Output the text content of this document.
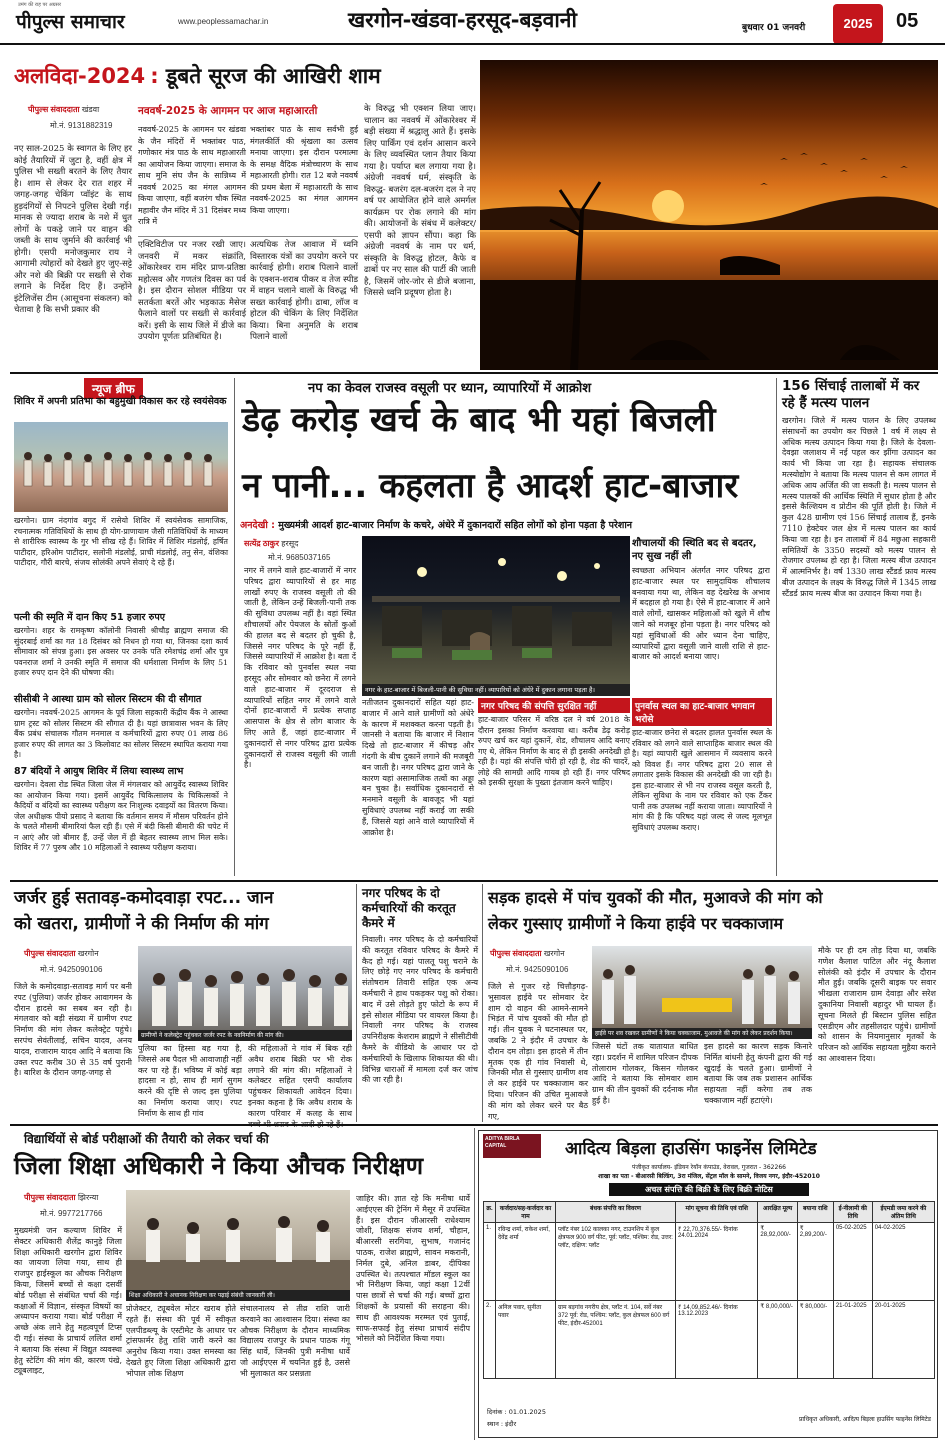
उमंग की राह पर अग्रसर
पीपुल्स समाचार	www.peoplessamachar.in	खरगोन-खंडवा-हरसूद-बड़वानी	बुधवार 01 जनवरी	2025	05
अलविदा-2024 : डूबते सूरज की आखिरी शाम
पीपुल्स संवाददाता खंडवा
मो.नं. 9131882319
नए साल-2025 के स्वागत के लिए हर कोई तैयारियों में जुटा है, वहीं क्षेत्र में पुलिस भी सख्ती बरतने के लिए तैयार है। शाम से लेकर देर रात शहर में जगह-जगह चेकिंग प्वॉइंट के साथ हुड़दंगियों से निपटने पुलिस देखी गई। मानक से ज्यादा शराब के नशे में धुत लोगों के पकड़े जाने पर वाहन की जब्ती के साथ जुर्माने की कार्रवाई भी होगी। एसपी मनोजकुमार राय ने आगामी त्योहारों को देखते हुए जुए-सट्टे और नशे की बिक्री पर सख्ती से रोक लगाने के निर्देश दिए हैं। उन्होंने इंटेलिजेंस टीम (आसूचना संकलन) को चेतावा है कि सभी प्रकार की
नववर्ष-2025 के आगमन पर आज महाआरती
नववर्ष-2025 के आगमन पर खंडवा के जैन मंदिरों में भक्तांबर पाठ, गणोकार मंत्र पाठ के साथ महाआरती का आयोजन किया जाएगा। समाज के साथ मुनि संघ जैन के सान्निध्य में नववर्ष 2025 का मंगल आगमन किया जाएगा, वहीं बजरंग चौक स्थित महावीर जैन मंदिर में 31 दिसंबर मध्य रात्रि में
भक्तांबर पाठ के साथ सर्वभी हुई मंगलकीर्ति की श्रृंखला का उत्सव मनाया जाएगा। इस दौरान परमात्मा के समक्ष वैदिक मंत्रोच्चारण के साथ महाआरती होगी। रात 12 बजे नववर्ष की प्रथम बेला में महाआरती के साथ नववर्ष-2025 का मंगल आगमन किया जाएगा।
एक्टिविटीज पर नजर रखी जाए। जनवरी में मकर संक्रांति, ओंकारेश्वर राम मंदिर प्राण-प्रतिष्ठा महोत्सव और गणतंत्र दिवस का पर्व है। इस दौरान सोशल मीडिया पर सतर्कता बरतें और भड़काऊ मैसेज फैलाने वालों पर सख्ती से कार्रवाई करें। इसी के साथ जिले में डीजे का उपयोग पूर्णतः प्रतिबंधित है।
अत्यधिक तेज आवाज में ध्वनि विस्तारक यंत्रों का उपयोग करने पर कार्रवाई होगी। शराब पिलाने वालों के एक्शन-शराब पीकर व तेज स्पीड में वाहन चलाने वालों के विरुद्ध भी सख्त कार्रवाई होगी। ढाबा, लॉज व होटल की चेकिंग के लिए निर्देशित किया। बिना अनुमति के शराब पिलाने वालों
के विरुद्ध भी एक्शन लिया जाए। चालान का नववर्ष में ओंकारेश्वर में बड़ी संख्या में श्रद्धालु आते हैं। इसके लिए पार्किंग एवं दर्शन आसान करने के लिए व्यवस्थित प्लान तैयार किया गया है। पर्याप्त बल लगाया गया है। अंग्रेजी नववर्ष धर्म, संस्कृति के विरुद्ध- बजरंग दल-बजरंग दल ने नए वर्ष पर आयोजित होने वाले अमर्गल कार्यक्रम पर रोक लगाने की मांग की। आयोजनों के संबंध में कलेक्टर/एसपी को ज्ञापन सौंपा। कहा कि अंग्रेजी नववर्ष के नाम पर धर्म, संस्कृति के विरुद्ध होटल, कैफे व ढाबों पर नए साल की पार्टी की जाती है, जिसमें जोर-जोर से डीजे बजाना, जिससे ध्वनि प्रदूषण होता है।
न्यूज ब्रीफ
शिविर में अपनी प्रतिभा का बहुमुखी विकास कर रहे स्वयंसेवक
खरगोन। ग्राम नंदगांव बगुद में रासेयो शिविर में स्वयंसेवक सामाजिक, रचनात्मक गतिविधियों के साथ ही योग-प्राणायाम जैसी गतिविधियों के माध्यम से शारीरिक स्वास्थ्य के गुर भी सीख रहे हैं। शिविर में शिशिर मंडलोई, हर्षित पाटीदार, हरिओम पाटीदार, सलोनी मंडलोई, प्राची मंडलोई, तनु सेन, वंशिका पाटीदार, गौरी बारचे, संजय सोलंकी अपने सेवाएं दे रहे हैं।
पत्नी की स्मृति में दान किए 51 हजार रुपए
खरगोन। शहर के रामकृष्ण कॉलोनी निवासी श्रीचौड़ ब्राह्मण समाज की सुंदरबाई शर्मा का गत 18 दिसंबर को निधन हो गया था, जिनका दशा कार्य सीमावार को संपन्न हुआ। इस अवसर पर उनके पति रमेशचंद्र शर्मा और पुत्र पवनराज शर्मा ने उनकी स्मृति में समाज की धर्मशाला निर्माण के लिए 51 हजार रुपए दान देने की घोषणा की।
सीसीबी ने आस्था ग्राम को सोलर सिस्टम की दी सौगात
खरगोन। नववर्ष-2025 आगमन के पूर्व जिला सहकारी केंद्रीय बैंक ने आस्था ग्राम ट्रस्ट को सोलर सिस्टम की सौगात दी है। यहां छात्रावास भवन के लिए बैंक प्रबंध संचालक गौतम मनमाल व कर्मचारियों द्वारा रुपए 01 लाख 86 हजार रुपए की लागत का 3 किलोवाट का सोलर सिस्टम स्थापित कराया गया है।
87 बंदियों ने आयुष शिविर में लिया स्वास्थ्य लाभ
खरगोन। देवला रोड स्थित जिला जेल में मंगलवार को आयुर्वेद स्वास्थ्य शिविर का आयोजन किया गया। इसमें आयुर्वेद चिकित्सालय के चिकित्सकों ने कैदियों व बंदियों का स्वास्थ्य परीक्षण कर निःशुल्क दवाइयों का वितरण किया। जेल अधीक्षक पीयो प्रसाद ने बताया कि वर्तमान समय में मौसम परिवर्तन होने के चलते मौसमी बीमारियां फैल रही हैं। एसे में बंदी किसी बीमारी की चपेट में न आएं और जो बीमार हैं, उन्हें जेल में ही बेहतर स्वास्थ्य लाभ मिल सके। शिविर में 77 पुरुष और 10 महिलाओं ने स्वास्थ्य परीक्षण कराया।
नप का केवल राजस्व वसूली पर ध्यान, व्यापारियों में आक्रोश
डेढ़ करोड़ खर्च के बाद भी यहां बिजली
न पानी... कहलता है आदर्श हाट-बाजार
अनदेखी : मुख्यमंत्री आदर्श हाट-बाजार निर्माण के कचरे, अंधेरे में दुकानदारों सहित लोगों को होना पड़ता है परेशान
सत्येंद्र ठाकुर हरसूद
मो.नं. 9685037165
नगर के हाट-बाजार में बिजली-पानी की सुविधा नहीं। व्यापारियों को अंधेरे में दुकान लगाना पड़ता है।
नगर में लगने वाले हाट-बाजारों में नगर परिषद द्वारा व्यापारियों से हर माह लाखों रुपए के राजस्व वसूली तो की जाती है, लेकिन उन्हें बिजली-पानी तक की सुविधा उपलब्ध नहीं है। वहां स्थित शौचालयों और पेयजल के स्रोतों कुओं की हालत बद से बदतर हो चुकी है, जिससे नगर परिषद के पूरे नहीं हैं, जिससे व्यापारियों में आक्रोश है। बता दें कि रविवार को पुनर्वास स्थल नया हरसूद और सोमवार को छनेरा में लगने वाले हाट-बाजार में दूरदराज से व्यापारियों सहित नगर में लगने वाले दोनों हाट-बाजारों में प्रत्येक सप्ताह आसपास के क्षेत्र से लोग बाजार के लिए आते हैं, जहां हाट-बाजार में दुकानदारों से नगर परिषद द्वारा प्रत्येक दुकानदारों से राजस्व वसूली की जाती है।
नतीजतन दुकानदारों सहित यहां हाट-बाजार में आने वाले ग्रामीणों को अंधेरे के कारण में मशक्कत करना पड़ती है। जानसी ने बताया कि बाजार में निशान दिखे तो हाट-बाजार में कीचड़ और गंदगी के बीच दुकानें लगाने की मजबूरी बन जाती है। नगर परिषद द्वारा जाने के कारण यहां असामाजिक तत्वों का अड्डा बन चुका है। सर्वाधिक दुकानदारों से मनमाने वसूली के बावजूद भी यहां सुविधाएं उपलब्ध नहीं कराई जा सकी हैं, जिससे यहां आने वाले व्यापारियों में आक्रोश है।
शौचालयों की स्थिति बद से बदतर, नए सुख नहीं ली
स्वच्छता अभियान अंतर्गत नगर परिषद द्वारा हाट-बाजार स्थल पर सामुदायिक शौचालय बनवाया गया था, लेकिन वह देखरेख के अभाव में बदहाल हो गया है। ऐसे में हाट-बाजार में आने वाले लोगों, खासकर महिलाओं को खुले में शौच जाने को मजबूर होना पड़ता है। नगर परिषद को यहां सुविधाओं की ओर ध्यान देना चाहिए, व्यापारियों द्वारा वसूली जाने वाली राशि से हाट-बाजार को आदर्श बनाया जाए।
नगर परिषद की संपत्ति सुरक्षित नहीं
हाट-बाजार परिसर में वरिष्ठ दल ने वर्ष 2018 के दौरान इसका निर्माण करवाया था। करीब डेढ़ करोड़ रुपए खर्च कर यहां दुकानें, शेड, शौचालय आदि बनाए गए थे, लेकिन निर्माण के बाद से ही इसकी अनदेखी हो रही है। यहां की संपत्ति चोरी हो रही है, शेड की चादरें, लोहे की सामग्री आदि गायब हो रही हैं। नगर परिषद को इसकी सुरक्षा के पुख्ता इंतजाम करने चाहिए।
पुनर्वास स्थल का हाट-बाजार भगवान भरोसे
हाट-बाजार छनेरा से बदतर हालत पुनर्वास स्थल के रविवार को लगने वाले साप्ताहिक बाजार स्थल की है। यहां व्यापारी खुले आसमान में व्यवसाय करने को विवश हैं। नगर परिषद द्वारा 20 साल से लगातार इसके विकास की अनदेखी की जा रही है। इस हाट-बाजार से भी नप राजस्व वसूल करती है, लेकिन सुविधा के नाम पर रविवार को एक टैंकर पानी तक उपलब्ध नहीं कराया जाता। व्यापारियों ने मांग की है कि परिषद यहां जल्द से जल्द मूलभूत सुविधाएं उपलब्ध कराए।
156 सिंचाई तालाबों में कर रहे हैं मत्स्य पालन
खरगोन। जिले में मत्स्य पालन के लिए उपलब्ध संसाधनों का उपयोग कर पिछले 1 वर्ष में लक्ष्य से अधिक मत्स्य उत्पादन किया गया है। जिले के देवला-देवझा जलाशय में नई पहल कर झींगा उत्पादन का कार्य भी किया जा रहा है। सहायक संचालक मत्स्योद्योग ने बताया कि मत्स्य पालन से कम लागत में अधिक आय अर्जित की जा सकती है। मत्स्य पालन से मत्स्य पालकों की आर्थिक स्थिति में सुधार होता है और इससे कैल्शियम व प्रोटीन की पूर्ति होती है। जिले में कुल 428 ग्रामीण एवं 156 सिंचाई तालाब हैं, इनके 7110 हेक्टेयर जल क्षेत्र में मत्स्य पालन का कार्य किया जा रहा है। इन तालाबों में 84 मछुआ सहकारी समितियों के 3350 सदस्यों को मत्स्य पालन से रोजगार उपलब्ध हो रहा है। जिला मत्स्य बीज उत्पादन में आत्मनिर्भर है। वर्ष 1330 लाख स्टैंडर्ड फ्राय मत्स्य बीज उत्पादन के लक्ष्य के विरुद्ध जिले में 1345 लाख स्टैंडर्ड फ्राय मत्स्य बीज का उत्पादन किया गया है।
जर्जर हुई सतावड़-कमोदवाड़ा रपट... जान
को खतरा, ग्रामीणों ने की निर्माण की मांग
पीपुल्स संवाददाता खरगोन
मो.नं. 9425090106
ग्रामीणों ने कलेक्ट्रेट पहुंचकर जर्जर रपट के नवनिर्माण की मांग की।
जिले के कमोदवाड़ा-सतावड़ मार्ग पर बनी रपट (पुलिया) जर्जर होकर आवागमन के दौरान हादसे का सबब बन रही है। मंगलवार को बड़ी संख्या में ग्रामीण रपट निर्माण की मांग लेकर कलेक्ट्रेट पहुंचे। सरपंच सेवंतीलाई, सचिन यादव, अनय यादव, राजाराम यादव आदि ने बताया कि उक्त रपट करीब 30 से 35 वर्ष पुरानी है। बारिश के दौरान जगह-जगह से
पुलिया का हिस्सा बह गया है, जिससे अब पैदल भी आवाजाही नहीं कर पा रहे हैं। भविष्य में कोई बड़ा हादसा न हो, साथ ही मार्ग सुगम करने की दृष्टि से जल्द इस पुलिया का निर्माण कराया जाए। रपट निर्माण के साथ ही गांव
की महिलाओं ने गांव में बिक रही अवैध शराब बिक्री पर भी रोक लगाने की मांग की। महिलाओं ने कलेक्टर सहित एसपी कार्यालय पहुंचकर शिकायती आवेदन दिया। इनका कहना है कि अवैध शराब के कारण परिवार में कलह के साथ
नगर परिषद के दो कर्मचारियों की करतूत कैमरे में
निवाली। नगर परिषद के दो कर्मचारियों की करतूत रविवार परिषद के कैमरे में कैद हो गई। यहां पालतू पशु चराने के लिए छोड़े गए नगर परिषद के कर्मचारी संतोषराम तिवारी सहित एक अन्य कर्मचारी ने हाथ पकड़कर पशु को रोका। बाद में उसे तोड़ते हुए फोटो के रूप में इसे सोशल मीडिया पर वायरल किया है। निवाली नगर परिषद के राजस्व उपनिरीक्षक केशराम ब्राह्मणे ने सीसीटीवी कैमरे के वीडियो के आधार पर दो कर्मचारियों के खिलाफ शिकायत की थी। विभिन्न धाराओं में मामला दर्ज कर जांच की जा रही है।
सड़क हादसे में पांच युवकों की मौत, मुआवजे की मांग को
लेकर गुस्साए ग्रामीणों ने किया हाईवे पर चक्काजाम
पीपुल्स संवाददाता खरगोन
मो.नं. 9425090106
हाईवे पर शव रखकर ग्रामीणों ने किया चक्काजाम, मुआवजे की मांग को लेकर प्रदर्शन किया।
जिले से गुजर रहे चित्तौड़गढ़-भुसावल हाईवे पर सोमवार देर शाम दो वाहन की आमने-सामने भिड़ंत में पांच युवकों की मौत हो गई। तीन युवक ने घटनास्थल पर, जबकि 2 ने इंदौर में उपचार के दौरान दम तोड़ा। इस हादसे में तीन मृतक एक ही गांव निवासी थे, जिनकी मौत से गुस्साए ग्रामीण शव ले कर हाईवे पर चक्काजाम कर दिया। परिजन की उचित मुआवजे की मांग को लेकर धरने पर बैठ गए,
जिससे घंटों तक यातायात बाधित रहा। प्रदर्शन में शामिल परिजन दीपक तोलाराम गोलकर, किसन गोलकर आदि ने बताया कि सोमवार शाम ग्राम की तीन युवकों की दर्दनाक मौत हुई है।
इस हादसे का कारण सड़क किनारे निर्मित बांधनी हेतु कंपनी द्वारा की गई खुदाई के चलते हुआ। ग्रामीणों ने बताया कि जब तक प्रशासन आर्थिक सहायता नहीं करेगा तब तक चक्काजाम नहीं हटाएंगे।
मौके पर ही दम तोड़ दिया था, जबकि गणेश कैलाश पाटिल और नंदू कैलाश सोलंकी को इंदौर में उपचार के दौरान मौत हुई। जबकि दूसरी बाइक पर सवार भीखला राजाराम ग्राम देवाड़ा और सरेश दुकानिया निवासी बहादुर भी घायल हैं। सूचना मिलते ही बिस्टान पुलिस सहित एसडीएम और तहसीलदार पहुंचे। ग्रामीणों को शासन के नियमानुसार मृतकों के परिजन को आर्थिक सहायता मुहैया कराने का आश्वासन दिया।
विद्यार्थियों से बोर्ड परीक्षाओं की तैयारी को लेकर चर्चा की
जिला शिक्षा अधिकारी ने किया औचक निरीक्षण
पीपुल्स संवाददाता झिरन्या
मो.नं. 9977217766
शिक्षा अधिकारी ने अचानक निरीक्षण कर पढ़ाई संबंधी जानकारी ली।
मुख्यमंत्री जन कल्याण शिविर में सेक्टर अधिकारी शैलेंद्र कानुड़े जिला शिक्षा अधिकारी खरगोन द्वारा शिविर का जायजा लिया गया, साथ ही राजपुर हाईस्कूल का औचक निरीक्षण किया, जिसमें बच्चों से कक्षा दसवीं बोर्ड परीक्षा से संबंधित चर्चा की गई। कक्षाओं में विज्ञान, संस्कृत विषयों का अध्यापन कराया गया। बोर्ड परीक्षा में अच्छे अंक लाने हेतु महत्वपूर्ण टिप्स दी गई। संस्था के प्राचार्य ललित शर्मा ने बताया कि संस्था में विद्युत व्यवस्था हेतु स्टेटिंग की मांग की, कारण पंखे, ट्यूबलाइट,
प्रोजेक्टर, ट्यूबवेल मोटर खराब होते रहते हैं। संस्था की पूर्व में स्वीकृत एलपीडब्ल्यू के एस्टीमेट के आधार पर ट्रांसफार्मर हेतु राशि जारी करने का अनुरोध किया गया। उक्त समस्या का देखते हुए जिला शिक्षा अधिकारी द्वारा भोपाल लोक शिक्षण
संचालनालय से तीव्र राशि जारी करवाने का आश्वासन दिया। संस्था का औचक निरीक्षण के दौरान माध्यमिक विद्यालय राजपुर के प्रधान पाठक गंगू सिंह धार्वे, जिनकी पुत्री मनीषा धार्वे जो आईएएस में चयनित हुई है, उससे भी मुलाकात कर प्रसन्नता
जाहिर की। ज्ञात रहे कि मनीषा धार्वे आईएएस की ट्रेनिंग में मैसूर में उपस्थित हैं। इस दौरान जीआरसी राधेश्याम जोशी, शिक्षक संजय शर्मा, चौहान, बीआरसी सरगिया, सुभाष, गजानंद पाठक, राजेश ब्राह्मणे, सावन मकरानी, निर्मल दुबे, अनिल डाबर, दीपिका उपस्थित थे। तत्पश्चात मॉडल स्कूल का भी निरीक्षण किया, जहां कक्षा 12वीं पास छात्रों से चर्चा की गई। बच्चों द्वारा शिक्षकों के प्रयासों की सराहना की। साथ ही आवश्यक मरम्मत एवं पुताई, साफ-सफाई हेतु संस्था प्राचार्य संदीप भोसले को निर्देशित किया गया।
ADITYA BIRLA CAPITAL	आदित्य बिड़ला हाउसिंग फाइनेंस लिमिटेड
पंजीकृत कार्यालय- इंडियन रेयॉन कंपाउंड, वेरावल, गुजरात - 362266
शाखा का पता - बीआरसी बिल्डिंग, 3रा मंजिल, सेंट्रल मॉल के सामने, विजय नगर, इंदौर-452010
अचल संपत्ति की बिक्री के लिए बिक्री नोटिस
क्र.	कर्जदार/सह-कर्जदार का नाम	बंधक संपत्ति का विवरण	मांग सूचना की तिथि एवं राशि	आरक्षित मूल्य	बयाना राशि	ई-नीलामी की तिथि	ईएमडी जमा करने की अंतिम तिथि
1.	रविन्द्र शर्मा, राकेश शर्मा, देवेंद्र शर्मा	प्लॉट नंबर 102 कालका नगर, टाउनशिप में कुल क्षेत्रफल 900 वर्ग फीट, पूर्व: प्लॉट, पश्चिम: रोड, उत्तर: प्लॉट, दक्षिण: प्लॉट	₹ 22,70,376.55/- दिनांक 24.01.2024	₹ 28,92,000/-	₹ 2,89,200/-	05-02-2025	04-02-2025
2.	अनिल पवार, सुनीता पवार	ग्राम बड़गांव नगरीय क्षेत्र, प्लॉट नं. 104, सर्वे नंबर 372 पूर्व: रोड, पश्चिम: प्लॉट, कुल क्षेत्रफल 600 वर्ग फीट, इंदौर-452001	₹ 14,09,852.46/- दिनांक 13.12.2023	₹ 8,00,000/-	₹ 80,000/-	21-01-2025	20-01-2025
दिनांक : 01.01.2025
स्थान : इंदौर
प्राधिकृत अधिकारी, आदित्य बिड़ला हाउसिंग फाइनेंस लिमिटेड
